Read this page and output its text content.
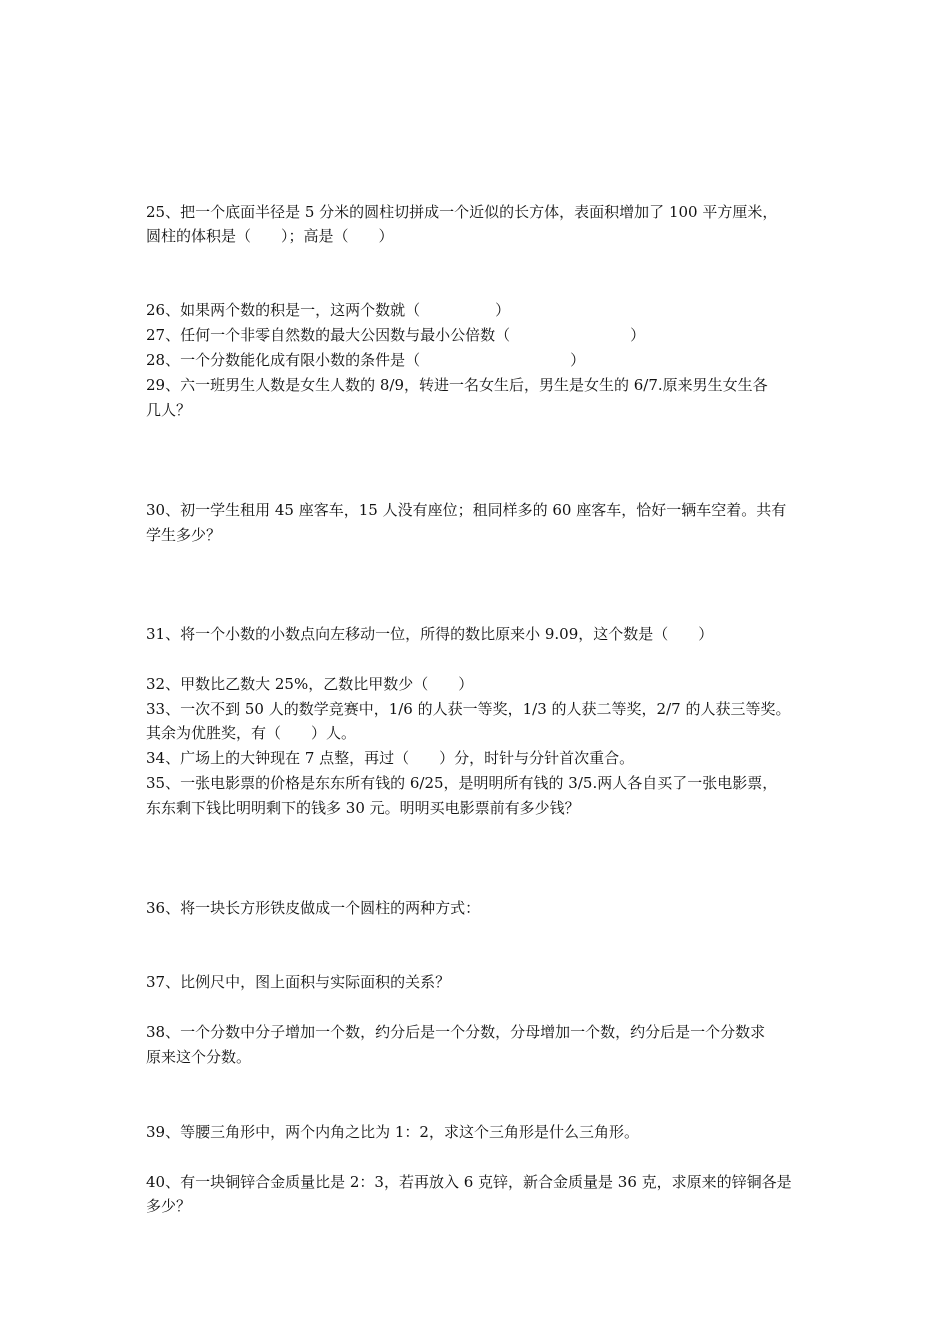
25、把一个底面半径是 5 分米的圆柱切拼成一个近似的长方体，表面积增加了 100 平方厘米，
圆柱的体积是（　　）；高是（　　）
26、如果两个数的积是一，这两个数就（　　　　　）
27、任何一个非零自然数的最大公因数与最小公倍数（　　　　　　　　）
28、一个分数能化成有限小数的条件是（　　　　　　　　　　）
29、六一班男生人数是女生人数的 8/9，转进一名女生后，男生是女生的 6/7.原来男生女生各
几人？
30、初一学生租用 45 座客车，15 人没有座位；租同样多的 60 座客车，恰好一辆车空着。共有
学生多少？
31、将一个小数的小数点向左移动一位，所得的数比原来小 9.09，这个数是（　　）
32、甲数比乙数大 25%，乙数比甲数少（　　）
33、一次不到 50 人的数学竞赛中，1/6 的人获一等奖，1/3 的人获二等奖，2/7 的人获三等奖。
其余为优胜奖，有（　　）人。
34、广场上的大钟现在 7 点整，再过（　　）分，时针与分针首次重合。
35、一张电影票的价格是东东所有钱的 6/25，是明明所有钱的 3/5.两人各自买了一张电影票，
东东剩下钱比明明剩下的钱多 30 元。明明买电影票前有多少钱？
36、将一块长方形铁皮做成一个圆柱的两种方式：
37、比例尺中，图上面积与实际面积的关系？
38、一个分数中分子增加一个数，约分后是一个分数，分母增加一个数，约分后是一个分数求
原来这个分数。
39、等腰三角形中，两个内角之比为 1：2，求这个三角形是什么三角形。
40、有一块铜锌合金质量比是 2：3，若再放入 6 克锌，新合金质量是 36 克，求原来的锌铜各是
多少？
